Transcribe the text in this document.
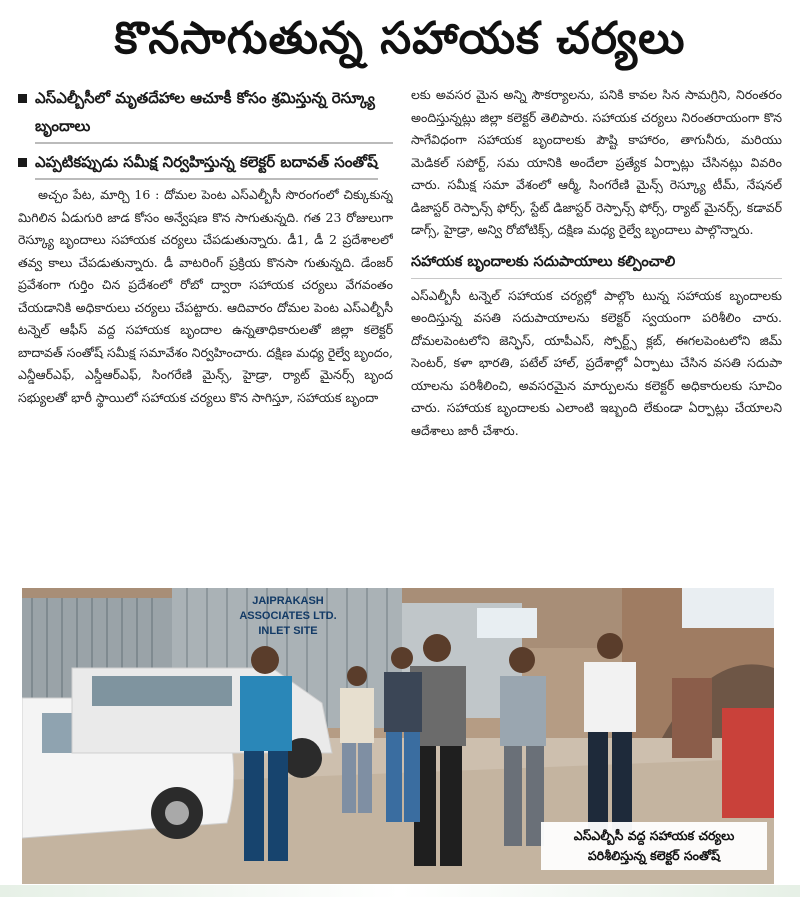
కొనసాగుతున్న సహాయక చర్యలు
ఎస్ఎల్బీసీలో మృతదేహాల ఆచూకీ కోసం శ్రమిస్తున్న రెస్క్యూ బృందాలు
ఎప్పటికప్పుడు సమీక్ష నిర్వహిస్తున్న కలెక్టర్ బదావత్ సంతోష్

అచ్చం పేట, మార్చి 16 : దోమల పెంట ఎస్ఎల్బీసీ సొరంగంలో చిక్కుకున్న మిగిలిన ఏడుగురి జాడ కోసం అన్వేషణ కొన సాగుతున్నది. గత 23 రోజులుగా రెస్క్యూ బృందాలు సహాయక చర్యలు చేపడుతున్నారు. డీ1, డీ 2 ప్రదేశాలలో తవ్వ కాలు చేపడుతున్నారు. డీ వాటరింగ్ ప్రక్రియ కొనసా గుతున్నది. డేంజర్ ప్రవేశంగా గుర్తిం చిన ప్రదేశంలో రోబో ద్వారా సహాయక చర్యలు వేగవంతం చేయడానికి అధికారులు చర్యలు చేపట్టారు. ఆదివారం దోమల పెంట ఎస్ఎల్బీసీ టన్నెల్ ఆఫీస్ వద్ద సహాయక బృందాల ఉన్నతాధికారులతో జిల్లా కలెక్టర్ బాదావత్ సంతోష్ సమీక్ష సమావేశం నిర్వహించారు. దక్షిణ మధ్య రైల్వే బృందం, ఎన్డీఆర్ఎఫ్, ఎస్డీఆర్ఎఫ్, సింగరేణి మైన్స్, హైడ్రా, ర్యాట్ మైనర్స్ బృంద సభ్యులతో భారీ స్థాయిలో సహాయక చర్యలు కొన సాగిస్తూ, సహాయక బృందా

లకు అవసర మైన అన్ని సౌకర్యాలను, పనికి కావల సిన సామగ్రిని, నిరంతరం అందిస్తున్నట్లు జిల్లా కలెక్టర్ తెలిపారు. సహాయక చర్యలు నిరంతరాయంగా కొన సాగేవిధంగా సహాయక బృందాలకు పౌష్టి కాహారం, తాగునీరు, మరియు మెడికల్ సపోర్ట్, సమ యానికి అందేలా ప్రత్యేక ఏర్పాట్లు చేసినట్లు వివరిం చారు. సమీక్ష సమా వేశంలో ఆర్మీ, సింగరేణి మైన్స్ రెస్క్యూ టీమ్, నేషనల్ డిజాస్టర్ రెస్పాన్స్ ఫోర్స్, స్టేట్ డిజాస్టర్ రెస్పాన్స్ ఫోర్స్, ర్యాట్ మైనర్స్, కడావర్ డాగ్స్, హైడ్రా, అన్వి రోబోటిక్స్, దక్షిణ మధ్య రైల్వే బృందాలు పాల్గొన్నారు.

సహాయక బృందాలకు సదుపాయాలు కల్పించాలి

ఎస్ఎల్బీసీ టన్నెల్ సహాయక చర్యల్లో పాల్గొం టున్న సహాయక బృందాలకు అందిస్తున్న వసతి సదుపాయాలను కలెక్టర్ స్వయంగా పరిశీలిం చారు. దోమలపెంటలోని జెన్ఫిస్, యాపీఎస్, స్పోర్ట్స్ క్లబ్, ఈగలపెంటలోని జిమ్ సెంటర్, కళా భారతి, పటేల్ హాల్, ప్రదేశాల్లో ఏర్పాటు చేసిన వసతి సదుపా యాలను పరిశీలించి, అవసరమైన మార్పులను కలెక్టర్ అధికారులకు సూచిం చారు. సహాయక బృందాలకు ఎలాంటి ఇబ్బంది లేకుండా ఏర్పాట్లు చేయాలని ఆదేశాలు జారీ చేశారు.

JAIPRAKASH
ASSOCIATES LTD.
INLET SITE
ఎస్ఎల్బీసీ వద్ద సహాయక చర్యలు పరిశీలిస్తున్న కలెక్టర్ సంతోష్
